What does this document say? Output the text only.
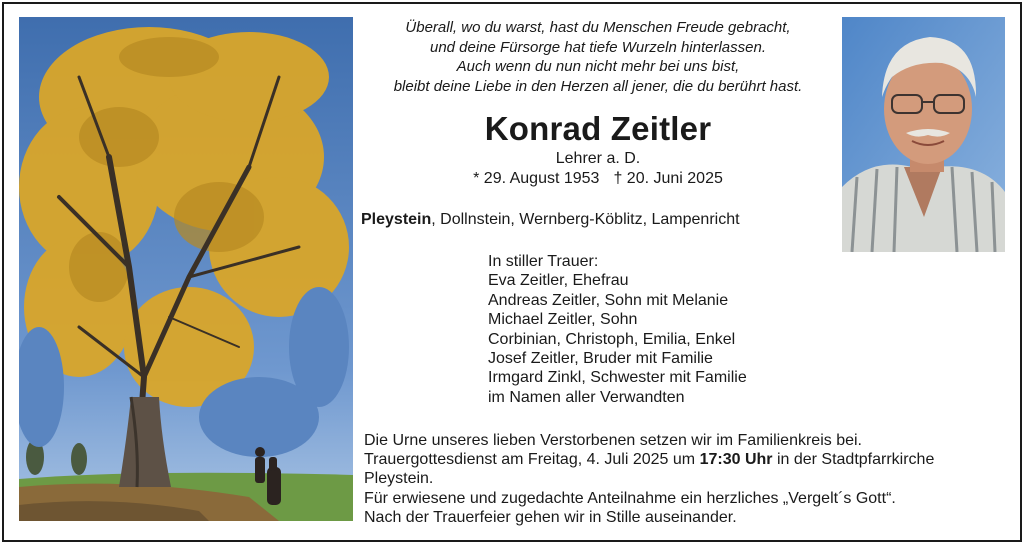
Überall, wo du warst, hast du Menschen Freude gebracht,
und deine Fürsorge hat tiefe Wurzeln hinterlassen.
Auch wenn du nun nicht mehr bei uns bist,
bleibt deine Liebe in den Herzen all jener, die du berührt hast.
Konrad Zeitler
Lehrer a. D.
* 29. August 1953 † 20. Juni 2025
Pleystein, Dollnstein, Wernberg-Köblitz, Lampenricht
In stiller Trauer:
Eva Zeitler, Ehefrau
Andreas Zeitler, Sohn mit Melanie
Michael Zeitler, Sohn
Corbinian, Christoph, Emilia, Enkel
Josef Zeitler, Bruder mit Familie
Irmgard Zinkl, Schwester mit Familie
im Namen aller Verwandten
Die Urne unseres lieben Verstorbenen setzen wir im Familienkreis bei.
Trauergottesdienst am Freitag, 4. Juli 2025 um 17:30 Uhr in der Stadtpfarrkirche
Pleystein.
Für erwiesene und zugedachte Anteilnahme ein herzliches „Vergelt´s Gott“.
Nach der Trauerfeier gehen wir in Stille auseinander.
